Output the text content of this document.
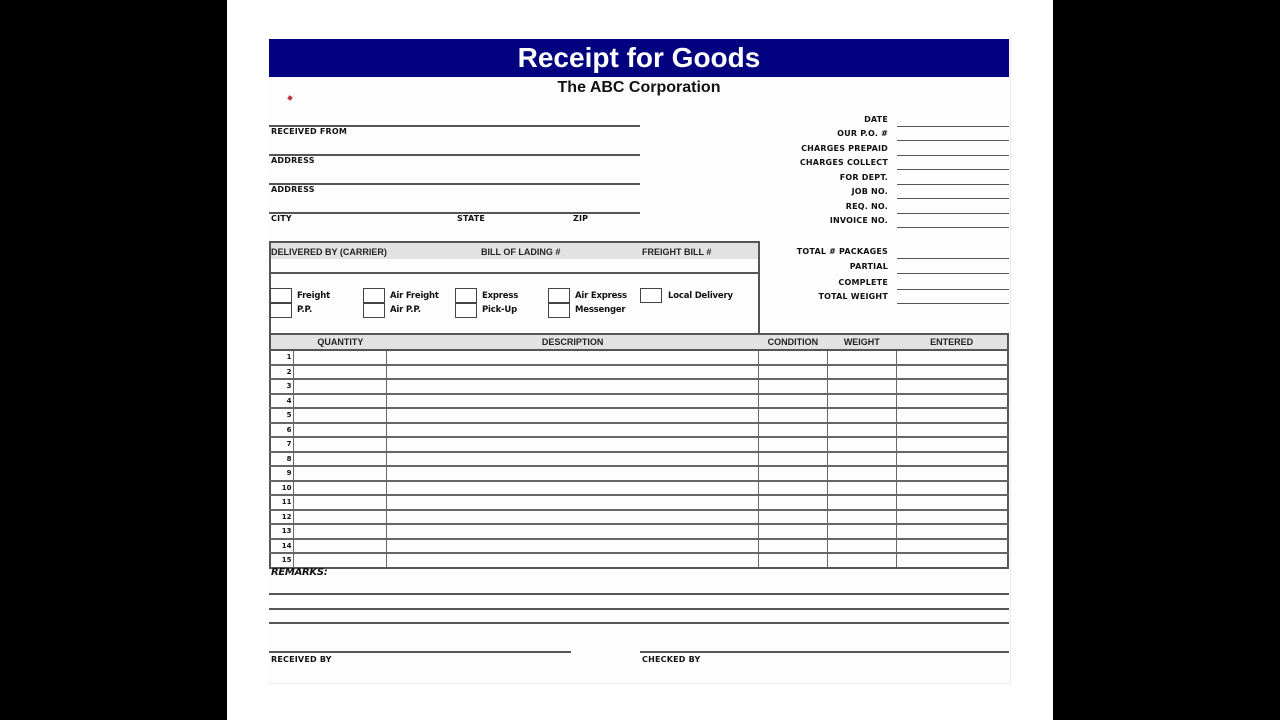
Receipt for Goods
The ABC Corporation
RECEIVED FROM
ADDRESS
ADDRESS
CITY	STATE	ZIP
DATE
OUR P.O. #
CHARGES PREPAID
CHARGES COLLECT
FOR DEPT.
JOB NO.
REQ. NO.
INVOICE NO.
TOTAL # PACKAGES
PARTIAL
COMPLETE
TOTAL WEIGHT
DELIVERED BY (CARRIER)	BILL OF LADING #	FREIGHT BILL #
Freight
P.P.
Air Freight
Air P.P.
Express
Pick-Up
Air Express
Messenger
Local Delivery
	QUANTITY	DESCRIPTION	CONDITION	WEIGHT	ENTERED
1					
2					
3					
4					
5					
6					
7					
8					
9					
10					
11					
12					
13					
14					
15					
REMARKS:
RECEIVED BY	CHECKED BY
